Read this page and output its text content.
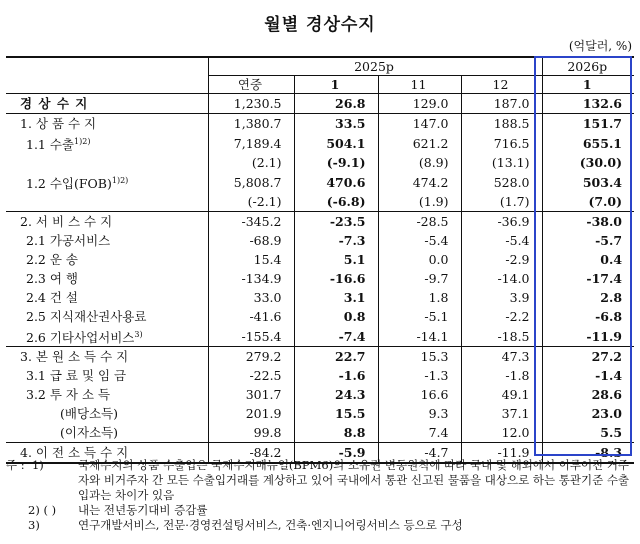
월별 경상수지
(억달러, %)
	2025p				2026p
	연중	1	11	12	1
경 상 수 지	1,230.5	26.8	129.0	187.0	132.6
1. 상 품 수 지	1,380.7	33.5	147.0	188.5	151.7
1.1 수출$^{1)2)}$	7,189.4	504.1	621.2	716.5	655.1
	(2.1)	(-9.1)	(8.9)	(13.1)	(30.0)
1.2 수입(FOB)$^{1)2)}$	5,808.7	470.6	474.2	528.0	503.4
	(-2.1)	(-6.8)	(1.9)	(1.7)	(7.0)
2. 서 비 스 수 지	-345.2	-23.5	-28.5	-36.9	-38.0
2.1 가공서비스	-68.9	-7.3	-5.4	-5.4	-5.7
2.2 운 송	15.4	5.1	0.0	-2.9	0.4
2.3 여 행	-134.9	-16.6	-9.7	-14.0	-17.4
2.4 건 설	33.0	3.1	1.8	3.9	2.8
2.5 지식재산권사용료	-41.6	0.8	-5.1	-2.2	-6.8
2.6 기타사업서비스$^{3)}$	-155.4	-7.4	-14.1	-18.5	-11.9
3. 본 원 소 득 수 지	279.2	22.7	15.3	47.3	27.2
3.1 급 료 및 임 금	-22.5	-1.6	-1.3	-1.8	-1.4
3.2 투 자 소 득	301.7	24.3	16.6	49.1	28.6
(배당소득)	201.9	15.5	9.3	37.1	23.0
(이자소득)	99.8	8.8	7.4	12.0	5.5
4. 이 전 소 득 수 지	-84.2	-5.9	-4.7	-11.9	-8.3
주 : 1)	국제수지의 상품 수출입은 국제수지매뉴얼(BPM6)의 소유권 변동원칙에 따라 국내 및 해외에서 이루어진 거주자와 비거주자 간 모든 수출입거래를 계상하고 있어 국내에서 통관 신고된 물품을 대상으로 하는 통관기준 수출입과는 차이가 있음
2) ( )	내는 전년동기대비 증감률
3)	연구개발서비스, 전문·경영컨설팅서비스, 건축·엔지니어링서비스 등으로 구성
